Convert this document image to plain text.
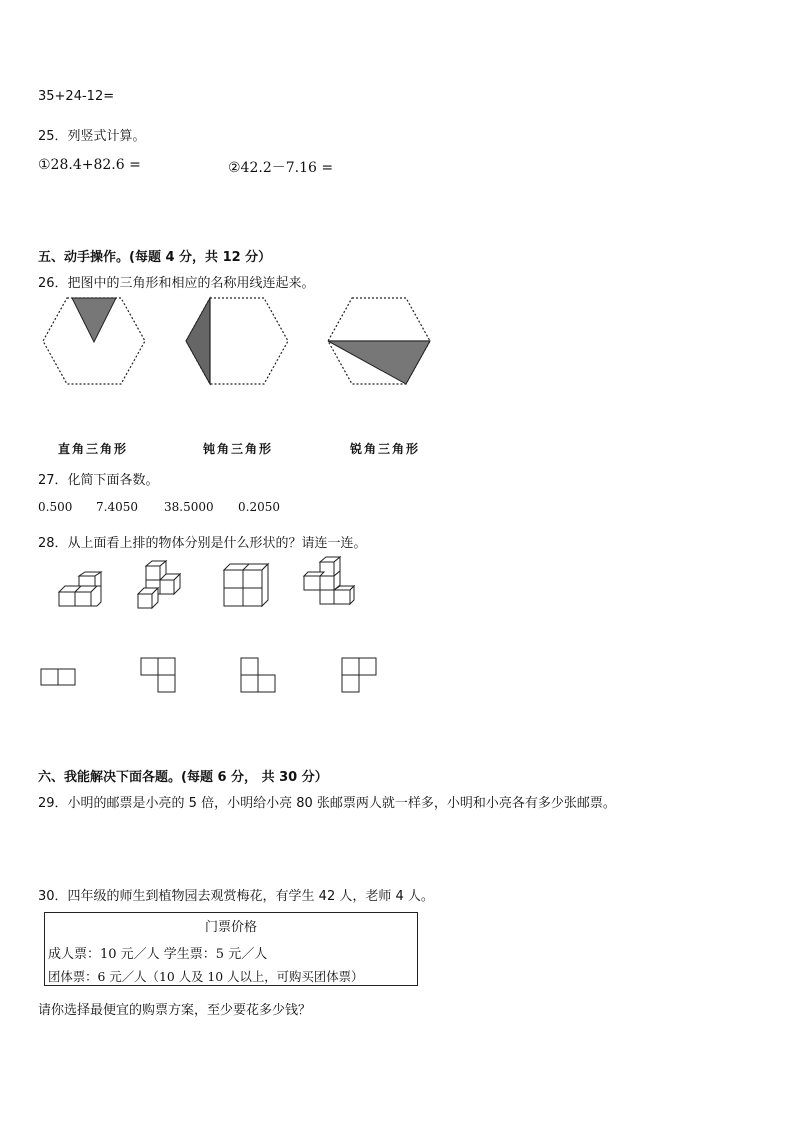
35+24-12=
25．列竖式计算。
①28.4+82.6 =	②42.2－7.16 =
五、动手操作。(每题 4 分，共 12 分）
26．把图中的三角形和相应的名称用线连起来。
直角三角形	钝角三角形	锐角三角形
27．化简下面各数。
0.500 7.4050 38.5000 0.2050
28．从上面看上排的物体分别是什么形状的？请连一连。
六、我能解决下面各题。(每题 6 分， 共 30 分）
29．小明的邮票是小亮的 5 倍，小明给小亮 80 张邮票两人就一样多，小明和小亮各有多少张邮票。
30．四年级的师生到植物园去观赏梅花，有学生 42 人，老师 4 人。
门票价格
成人票：10 元／人 学生票：5 元／人
团体票：6 元／人（10 人及 10 人以上，可购买团体票）
请你选择最便宜的购票方案，至少要花多少钱？
